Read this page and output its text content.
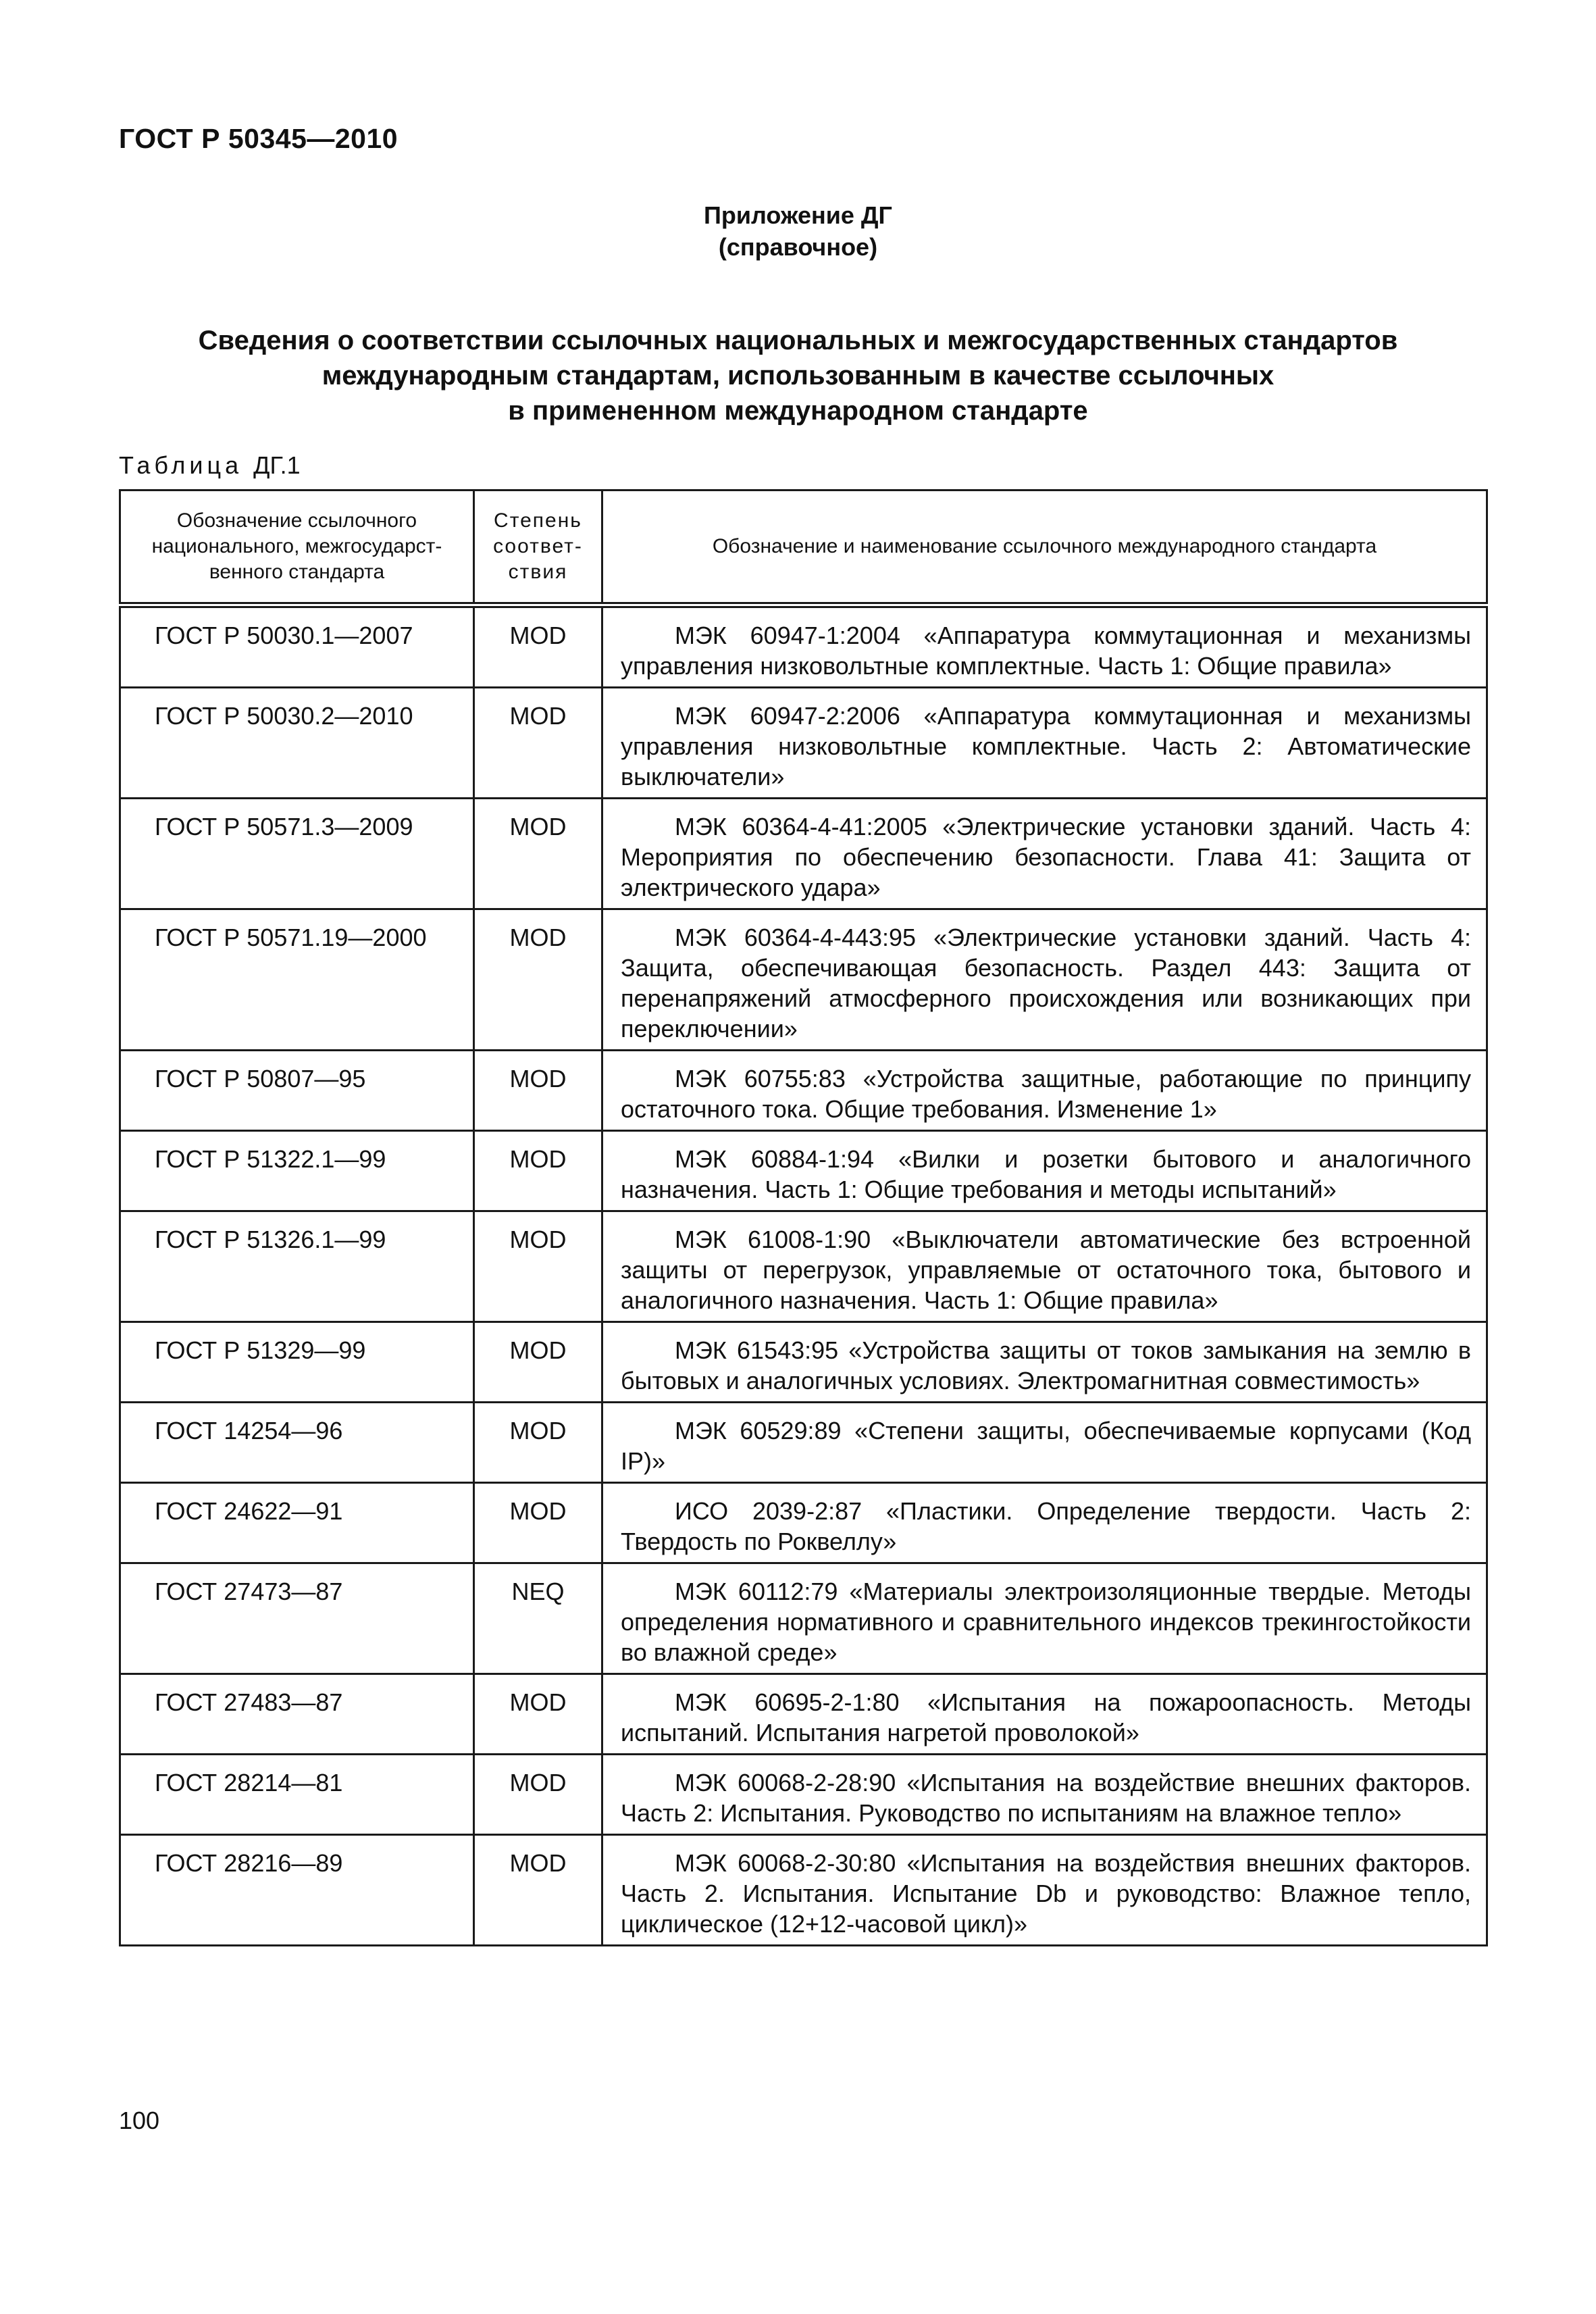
ГОСТ Р 50345—2010
Приложение ДГ
(справочное)
Сведения о соответствии ссылочных национальных и межгосударственных стандартов
международным стандартам, использованным в качестве ссылочных
в примененном международном стандарте
Таблица ДГ.1
Обозначение ссылочного национального, межгосударст-венного стандарта	Степень соответ-ствия	Обозначение и наименование ссылочного международного стандарта
ГОСТ Р 50030.1—2007	MOD	МЭК 60947-1:2004 «Аппаратура коммутационная и механизмы управления низковольтные комплектные. Часть 1: Общие правила»
ГОСТ Р 50030.2—2010	MOD	МЭК 60947-2:2006 «Аппаратура коммутационная и механизмы управления низковольтные комплектные. Часть 2: Автоматические выключатели»
ГОСТ Р 50571.3—2009	MOD	МЭК 60364-4-41:2005 «Электрические установки зданий. Часть 4: Мероприятия по обеспечению безопасности. Глава 41: Защита от электрического удара»
ГОСТ Р 50571.19—2000	MOD	МЭК 60364-4-443:95 «Электрические установки зданий. Часть 4: Защита, обеспечивающая безопасность. Раздел 443: Защита от перенапряжений атмосферного происхождения или возникающих при переключении»
ГОСТ Р 50807—95	MOD	МЭК 60755:83 «Устройства защитные, работающие по принципу остаточного тока. Общие требования. Изменение 1»
ГОСТ Р 51322.1—99	MOD	МЭК 60884-1:94 «Вилки и розетки бытового и аналогичного назначения. Часть 1: Общие требования и методы испытаний»
ГОСТ Р 51326.1—99	MOD	МЭК 61008-1:90 «Выключатели автоматические без встроенной защиты от перегрузок, управляемые от остаточного тока, бытового и аналогичного назначения. Часть 1: Общие правила»
ГОСТ Р 51329—99	MOD	МЭК 61543:95 «Устройства защиты от токов замыкания на землю в бытовых и аналогичных условиях. Электромагнитная совместимость»
ГОСТ 14254—96	MOD	МЭК 60529:89 «Степени защиты, обеспечиваемые корпусами (Код IP)»
ГОСТ 24622—91	MOD	ИСО 2039-2:87 «Пластики. Определение твердости. Часть 2: Твердость по Роквеллу»
ГОСТ 27473—87	NEQ	МЭК 60112:79 «Материалы электроизоляционные твердые. Методы определения нормативного и сравнительного индексов трекингостойкости во влажной среде»
ГОСТ 27483—87	MOD	МЭК 60695-2-1:80 «Испытания на пожароопасность. Методы испытаний. Испытания нагретой проволокой»
ГОСТ 28214—81	MOD	МЭК 60068-2-28:90 «Испытания на воздействие внешних факторов. Часть 2: Испытания. Руководство по испытаниям на влажное тепло»
ГОСТ 28216—89	MOD	МЭК 60068-2-30:80 «Испытания на воздействия внешних факторов. Часть 2. Испытания. Испытание Db и руководство: Влажное тепло, циклическое (12+12-часовой цикл)»
100
